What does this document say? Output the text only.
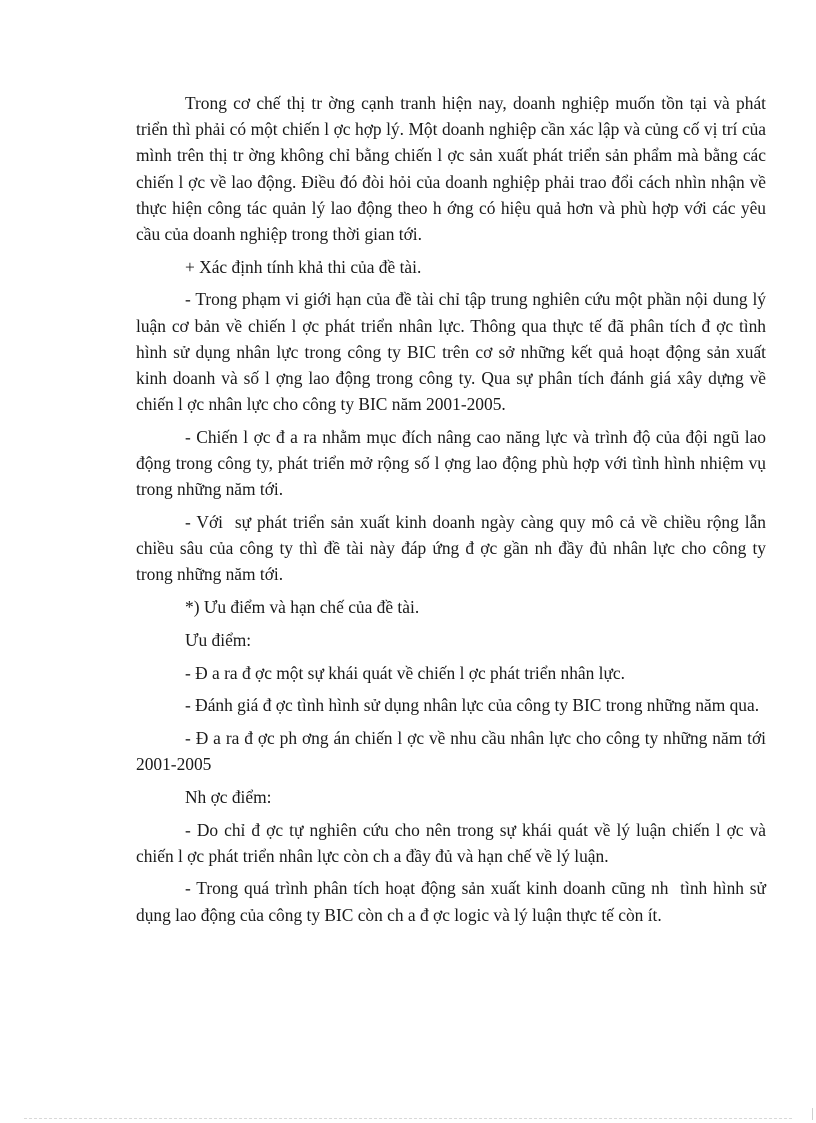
Trong cơ chế thị tr ờng cạnh tranh hiện nay, doanh nghiệp muốn tồn tại và phát triển thì phải có một chiến l ợc hợp lý. Một doanh nghiệp cần xác lập và củng cố vị trí của mình trên thị tr ờng không chỉ bằng chiến l ợc sản xuất phát triển sản phẩm mà bằng các chiến l ợc về lao động. Điều đó đòi hỏi của doanh nghiệp phải trao đổi cách nhìn nhận về thực hiện công tác quản lý lao động theo h ớng có hiệu quả hơn và phù hợp với các yêu cầu của doanh nghiệp trong thời gian tới.

+ Xác định tính khả thi của đề tài.

- Trong phạm vi giới hạn của đề tài chỉ tập trung nghiên cứu một phần nội dung lý luận cơ bản về chiến l ợc phát triển nhân lực. Thông qua thực tế đã phân tích đ ợc tình hình sử dụng nhân lực trong công ty BIC trên cơ sở những kết quả hoạt động sản xuất kinh doanh và số l ợng lao động trong công ty. Qua sự phân tích đánh giá xây dựng về chiến l ợc nhân lực cho công ty BIC năm 2001-2005.

- Chiến l ợc đ a ra nhằm mục đích nâng cao năng lực và trình độ của đội ngũ lao động trong công ty, phát triển mở rộng số l ợng lao động phù hợp với tình hình nhiệm vụ trong những năm tới.

- Với  sự phát triển sản xuất kinh doanh ngày càng quy mô cả về chiều rộng lẫn chiều sâu của công ty thì đề tài này đáp ứng đ ợc gần nh đầy đủ nhân lực cho công ty trong những năm tới.

*) Ưu điểm và hạn chế của đề tài.

Ưu điểm:

- Đ a ra đ ợc một sự khái quát về chiến l ợc phát triển nhân lực.

- Đánh giá đ ợc tình hình sử dụng nhân lực của công ty BIC trong những năm qua.

- Đ a ra đ ợc ph ơng án chiến l ợc về nhu cầu nhân lực cho công ty những năm tới 2001-2005

Nh ợc điểm:

- Do chỉ đ ợc tự nghiên cứu cho nên trong sự khái quát về lý luận chiến l ợc và chiến l ợc phát triển nhân lực còn ch a đầy đủ và hạn chế về lý luận.

- Trong quá trình phân tích hoạt động sản xuất kinh doanh cũng nh  tình hình sử dụng lao động của công ty BIC còn ch a đ ợc logic và lý luận thực tế còn ít.
